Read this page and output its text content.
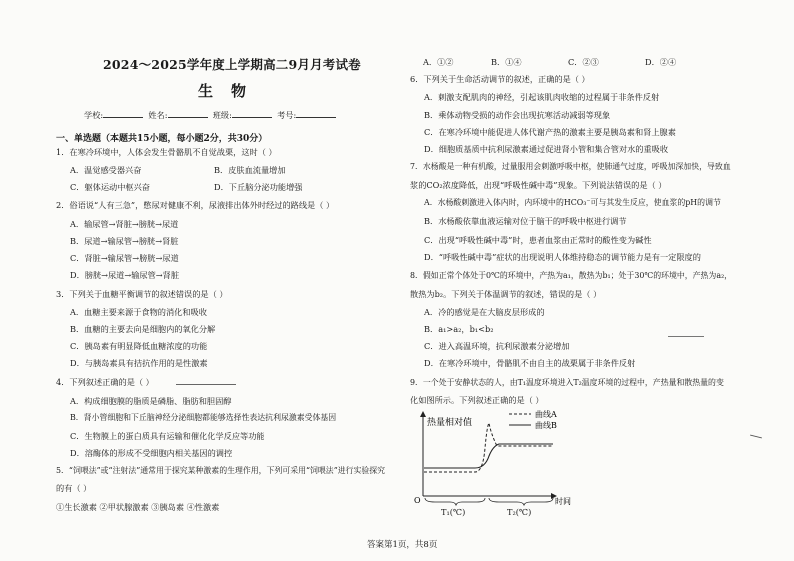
2024～2025学年度上学期高二9月月考试卷
生物
学校:	姓名:	班级:	考号:
一、单选题（本题共15小题，每小题2分，共30分）
1．在寒冷环境中，人体会发生骨骼肌不自觉战栗，这时（ ）
A．温觉感受器兴奋	B．皮肤血流量增加
C．躯体运动中枢兴奋	D．下丘脑分泌功能增强
2．俗语说“人有三急”，憋尿对健康不利，尿液排出体外时经过的路线是（ ）
A．输尿管→肾脏→膀胱→尿道
B．尿道→输尿管→膀胱→肾脏
C．肾脏→输尿管→膀胱→尿道
D．膀胱→尿道→输尿管→肾脏
3．下列关于血糖平衡调节的叙述错误的是（ ）
A．血糖主要来源于食物的消化和吸收
B．血糖的主要去向是细胞内的氧化分解
C．胰岛素有明显降低血糖浓度的功能
D．与胰岛素具有拮抗作用的是性激素
4．下列叙述正确的是（ ）
A．构成细胞膜的脂质是磷脂、脂肪和胆固醇
B．肾小管细胞和下丘脑神经分泌细胞都能够选择性表达抗利尿激素受体基因
C．生物膜上的蛋白质具有运输和催化化学反应等功能
D．溶酶体的形成不受细胞内相关基因的调控
5．“饲喂法”或“注射法”通常用于探究某种激素的生理作用，下列可采用“饲喂法”进行实验探究
的有（ ）
①生长激素 ②甲状腺激素 ③胰岛素 ④性激素
A．①②	B．①④	C．②③	D．②④
6．下列关于生命活动调节的叙述，正确的是（ ）
A．刺激支配肌肉的神经，引起该肌肉收缩的过程属于非条件反射
B．乘体动物受损的动作会出现抗寒活动减弱等现象
C．在寒冷环境中能促进人体代谢产热的激素主要是胰岛素和肾上腺素
D．细胞质基质中抗利尿激素通过促进肾小管和集合管对水的重吸收
7．水杨酸是一种有机酸，过量服用会刺激呼吸中枢，使肺通气过度，呼吸加深加快，导致血
浆的CO₂浓度降低，出现“呼吸性碱中毒”现象。下列说法错误的是（ ）
A．水杨酸刺激进入体内时，内环境中的HCO₃⁻可与其发生反应，使血浆的pH的调节
B．水杨酸依靠血液运输对位于脑干的呼吸中枢进行调节
C．出现“呼吸性碱中毒”时，患者血浆由正常时的酸性变为碱性
D．“呼吸性碱中毒”症状的出现说明人体维持稳态的调节能力是有一定限度的
8．假如正常个体处于0℃的环境中，产热为a₁，散热为b₁；处于30℃的环境中，产热为a₂，
散热为b₂。下列关于体温调节的叙述，错误的是（ ）
A．冷的感觉是在大脑皮层形成的
B．a₁>a₂，b₁<b₂
C．进入高温环境，抗利尿激素分泌增加
D．在寒冷环境中，骨骼肌不由自主的战栗属于非条件反射
9．一个处于安静状态的人，由T₁温度环境进入T₂温度环境的过程中，产热量和散热量的变
化如图所示。下列叙述正确的是（ ）
热量相对值
O	时间
曲线A
曲线B
T₁(℃)	T₂(℃)
答案第1页，共8页
